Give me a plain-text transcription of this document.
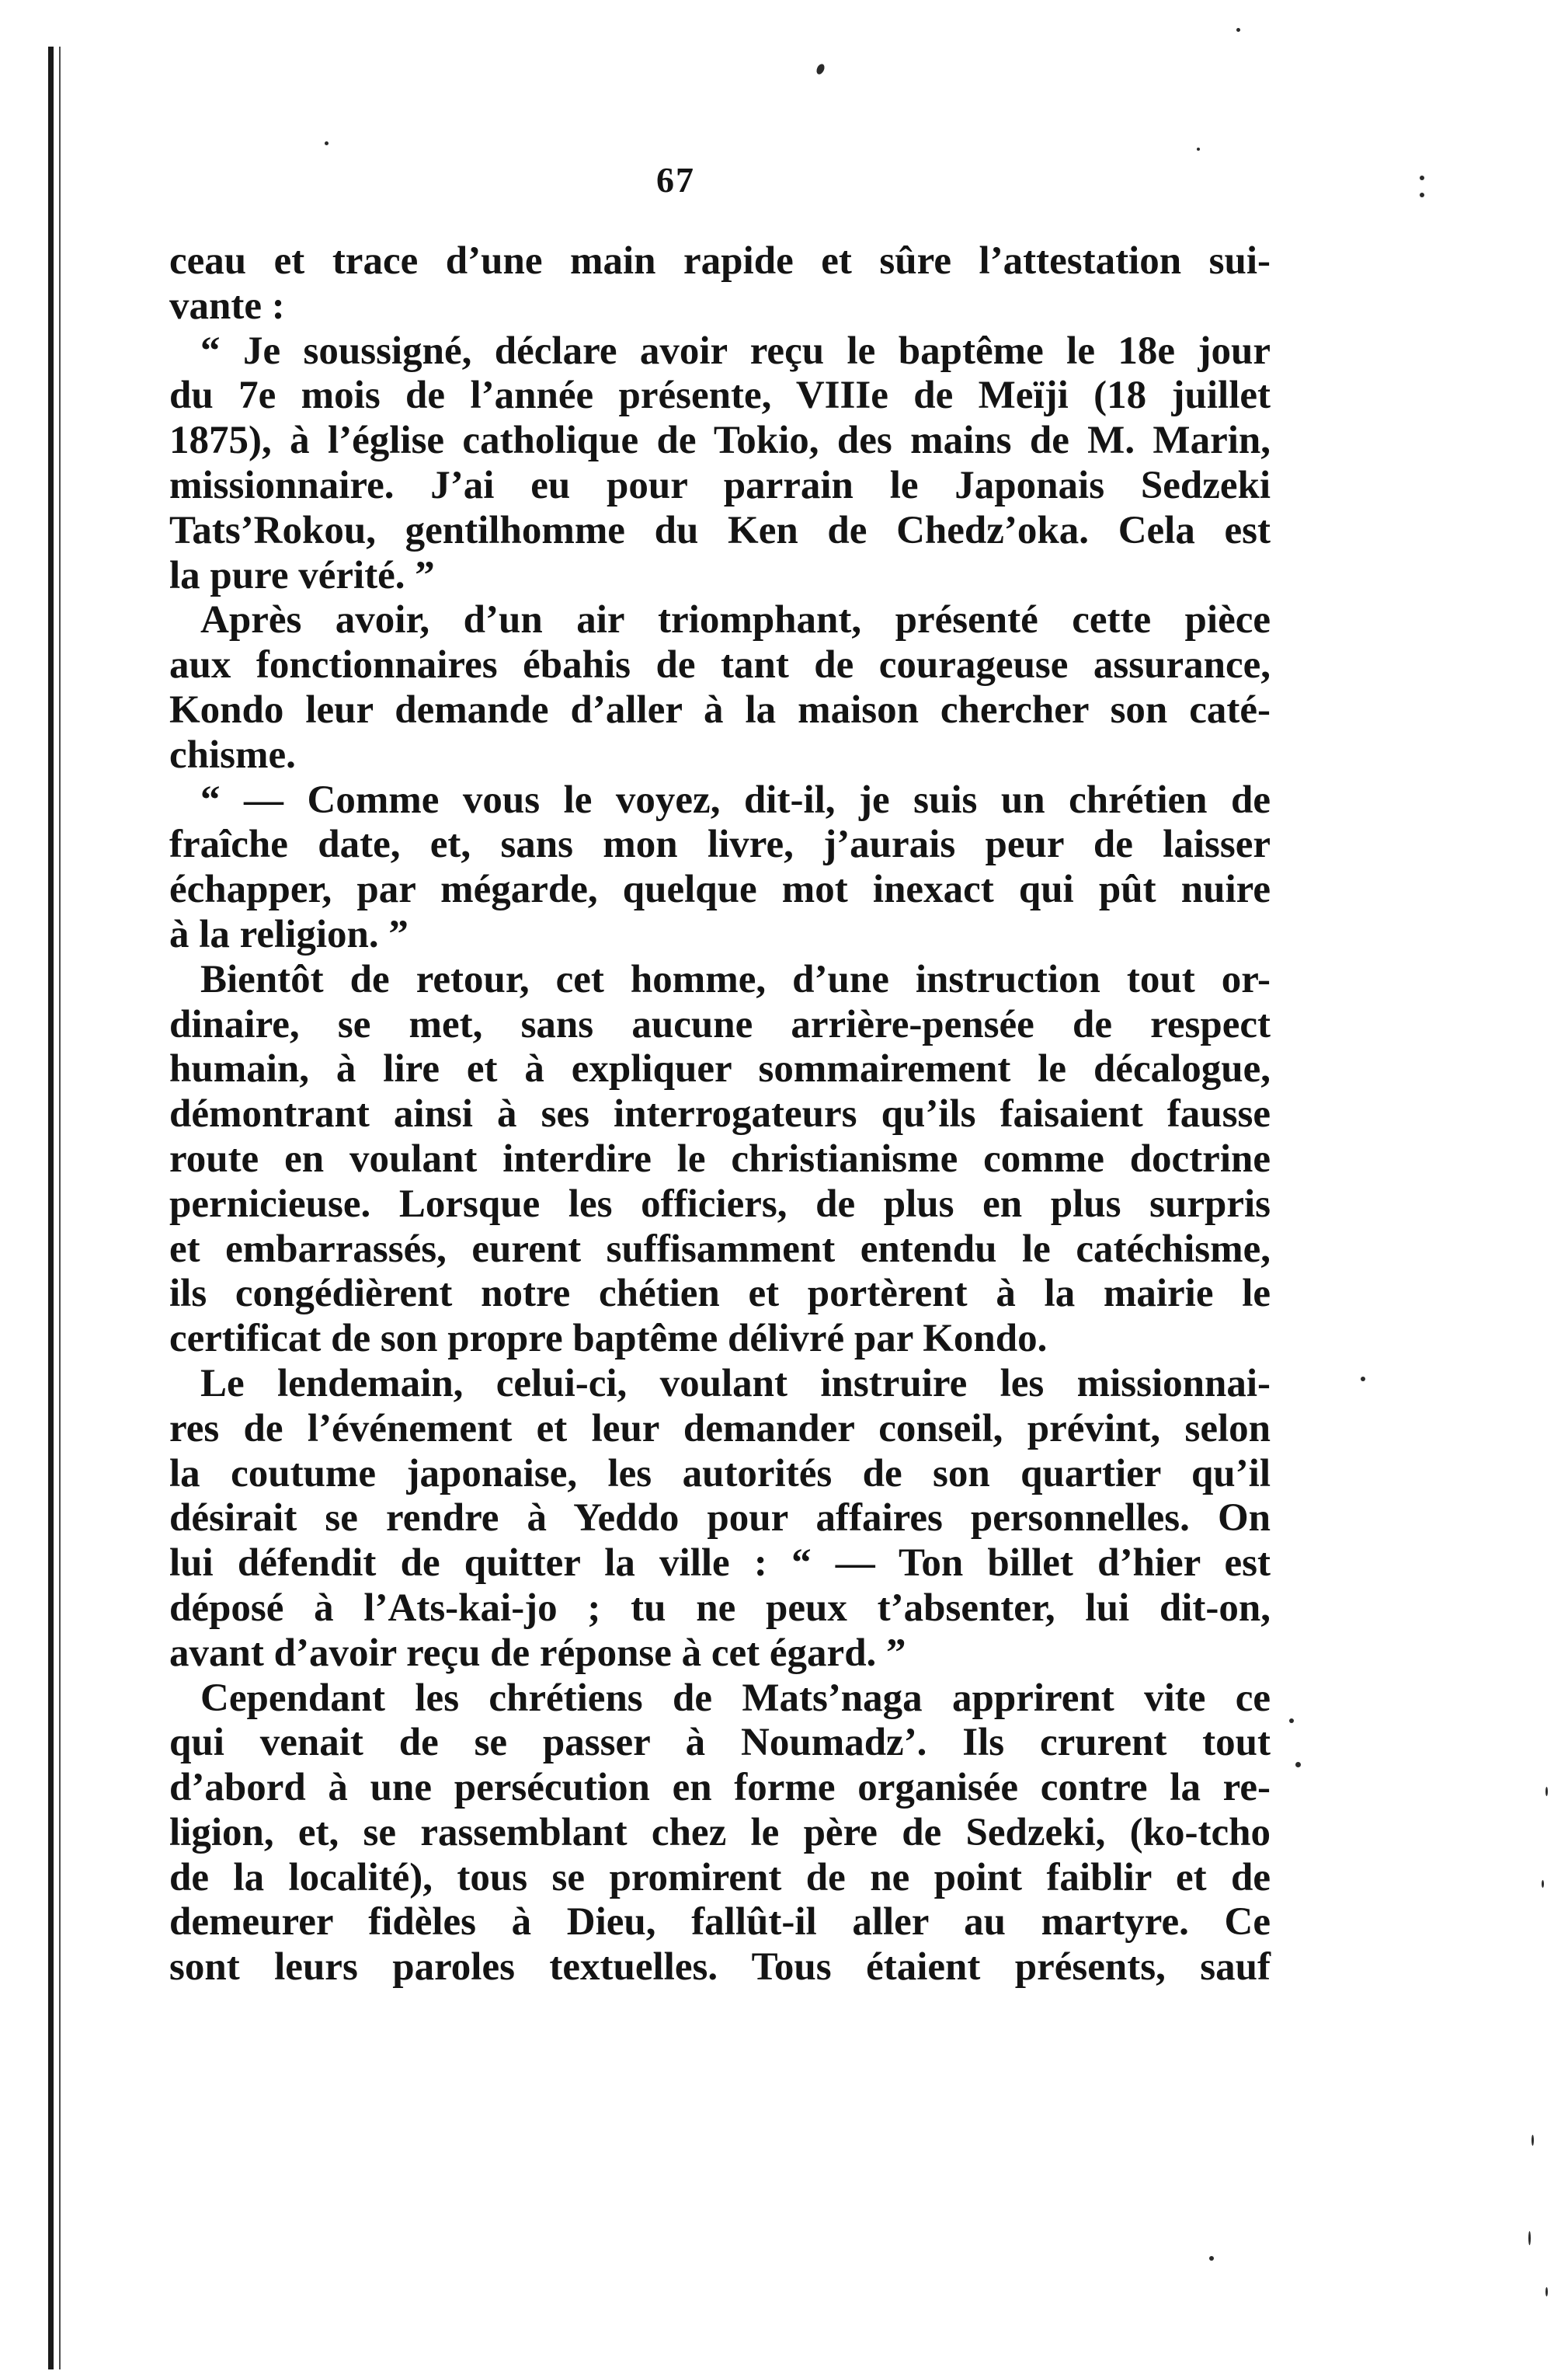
67
ceau et trace d’une main rapide et sûre l’attestation sui-
vante :
“ Je soussigné, déclare avoir reçu le baptême le 18e jour
du 7e mois de l’année présente, VIIIe de Meïji (18 juillet
1875), à l’église catholique de Tokio, des mains de M. Marin,
missionnaire. J’ai eu pour parrain le Japonais Sedzeki
Tats’Rokou, gentilhomme du Ken de Chedz’oka. Cela est
la pure vérité. ”
Après avoir, d’un air triomphant, présenté cette pièce
aux fonctionnaires ébahis de tant de courageuse assurance,
Kondo leur demande d’aller à la maison chercher son caté-
chisme.
“ — Comme vous le voyez, dit-il, je suis un chrétien de
fraîche date, et, sans mon livre, j’aurais peur de laisser
échapper, par mégarde, quelque mot inexact qui pût nuire
à la religion. ”
Bientôt de retour, cet homme, d’une instruction tout or-
dinaire, se met, sans aucune arrière-pensée de respect
humain, à lire et à expliquer sommairement le décalogue,
démontrant ainsi à ses interrogateurs qu’ils faisaient fausse
route en voulant interdire le christianisme comme doctrine
pernicieuse. Lorsque les officiers, de plus en plus surpris
et embarrassés, eurent suffisamment entendu le catéchisme,
ils congédièrent notre chétien et portèrent à la mairie le
certificat de son propre baptême délivré par Kondo.
Le lendemain, celui-ci, voulant instruire les missionnai-
res de l’événement et leur demander conseil, prévint, selon
la coutume japonaise, les autorités de son quartier qu’il
désirait se rendre à Yeddo pour affaires personnelles. On
lui défendit de quitter la ville : “ — Ton billet d’hier est
déposé à l’Ats-kai-jo ; tu ne peux t’absenter, lui dit-on,
avant d’avoir reçu de réponse à cet égard. ”
Cependant les chrétiens de Mats’naga apprirent vite ce
qui venait de se passer à Noumadz’. Ils crurent tout
d’abord à une persécution en forme organisée contre la re-
ligion, et, se rassemblant chez le père de Sedzeki, (ko-tcho
de la localité), tous se promirent de ne point faiblir et de
demeurer fidèles à Dieu, fallût-il aller au martyre. Ce
sont leurs paroles textuelles. Tous étaient présents, sauf
